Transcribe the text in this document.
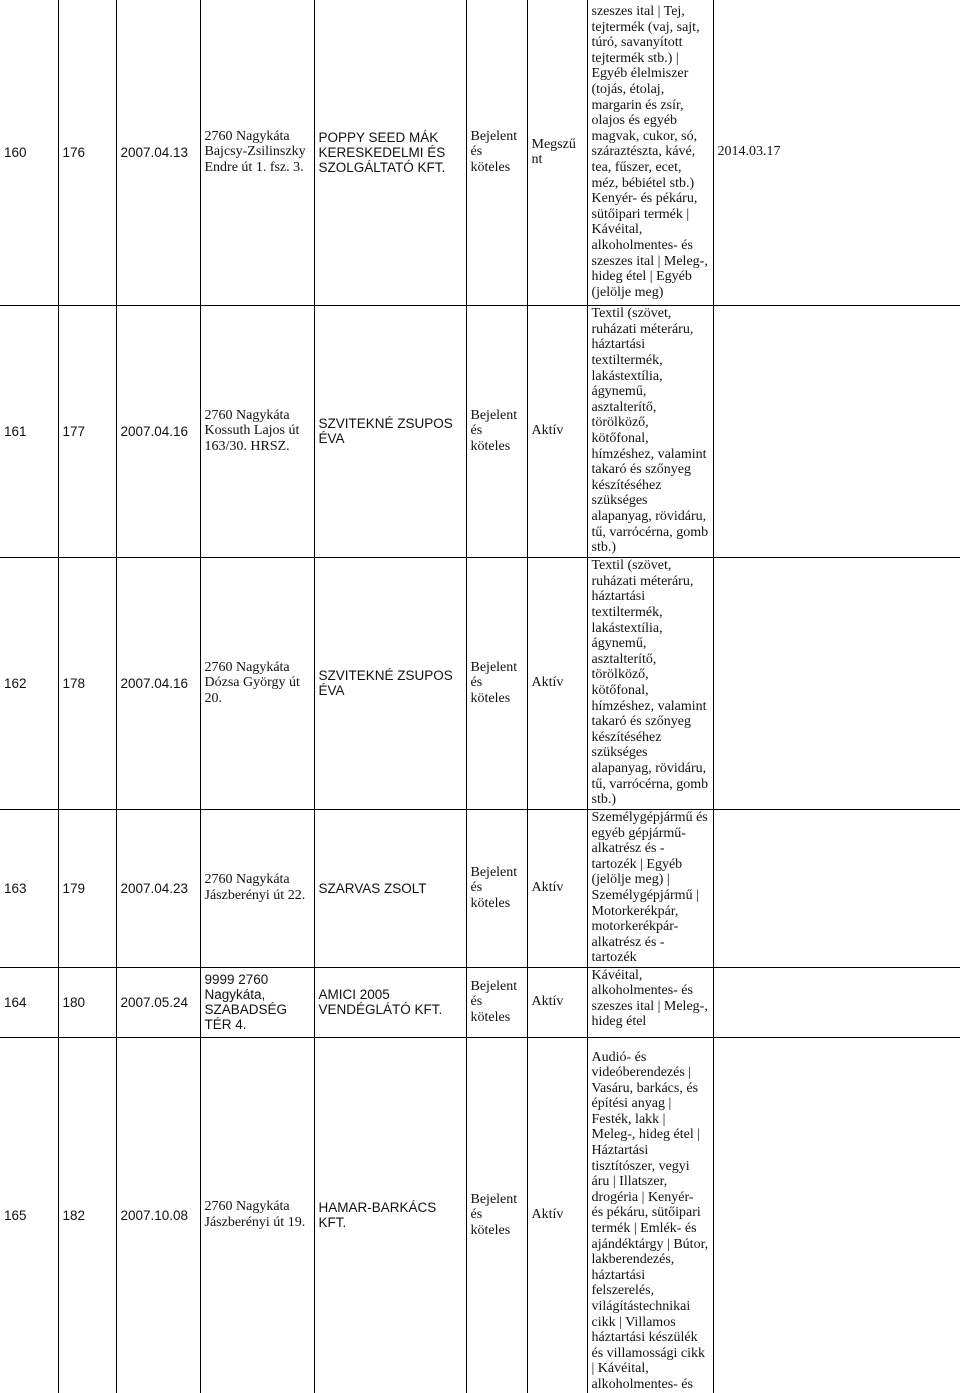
160	176	2007.04.13	2760 Nagykáta Bajcsy-Zsilinszky Endre út 1. fsz. 3.	POPPY SEED MÁK KERESKEDELMI ÉS SZOLGÁLTATÓ KFT.	Bejelentés köteles	Megszűnt	szeszes ital | Tej, tejtermék (vaj, sajt, túró, savanyított tejtermék stb.) | Egyéb élelmiszer (tojás, étolaj, margarin és zsír, olajos és egyéb magvak, cukor, só, száraztészta, kávé, tea, fűszer, ecet, méz, bébiétel stb.) Kenyér- és pékáru, sütőipari termék | Kávéital, alkoholmentes- és szeszes ital | Meleg-, hideg étel | Egyéb (jelölje meg)	2014.03.17
161	177	2007.04.16	2760 Nagykáta Kossuth Lajos út 163/30. HRSZ.	SZVITEKNÉ ZSUPOS ÉVA	Bejelentés köteles	Aktív	Textil (szövet, ruházati méteráru, háztartási textiltermék, lakástextília, ágynemű, asztalterítő, törölköző, kötőfonal, hímzéshez, valamint takaró és szőnyeg készítéséhez szükséges alapanyag, rövidáru, tű, varrócérna, gomb stb.)	
162	178	2007.04.16	2760 Nagykáta Dózsa György út 20.	SZVITEKNÉ ZSUPOS ÉVA	Bejelentés köteles	Aktív	Textil (szövet, ruházati méteráru, háztartási textiltermék, lakástextília, ágynemű, asztalterítő, törölköző, kötőfonal, hímzéshez, valamint takaró és szőnyeg készítéséhez szükséges alapanyag, rövidáru, tű, varrócérna, gomb stb.)	
163	179	2007.04.23	2760 Nagykáta Jászberényi út 22.	SZARVAS ZSOLT	Bejelentés köteles	Aktív	Személygépjármű és egyéb gépjármű-alkatrész és -tartozék | Egyéb (jelölje meg) | Személygépjármű | Motorkerékpár, motorkerékpár-alkatrész és -tartozék	
164	180	2007.05.24	9999 2760 Nagykáta, SZABADSÉG TÉR 4.	AMICI 2005 VENDÉGLÁTÓ KFT.	Bejelentés köteles	Aktív	Kávéital, alkoholmentes- és szeszes ital | Meleg-, hideg étel	
165	182	2007.10.08	2760 Nagykáta Jászberényi út 19.	HAMAR-BARKÁCS KFT.	Bejelentés köteles	Aktív	Audió- és videóberendezés | Vasáru, barkács, és építési anyag | Festék, lakk | Meleg-, hideg étel | Háztartási tisztítószer, vegyi áru | Illatszer, drogéria | Kenyér- és pékáru, sütőipari termék | Emlék- és ajándéktárgy | Bútor, lakberendezés, háztartási felszerelés, világítástechnikai cikk | Villamos háztartási készülék és villamossági cikk | Kávéital, alkoholmentes- és	
